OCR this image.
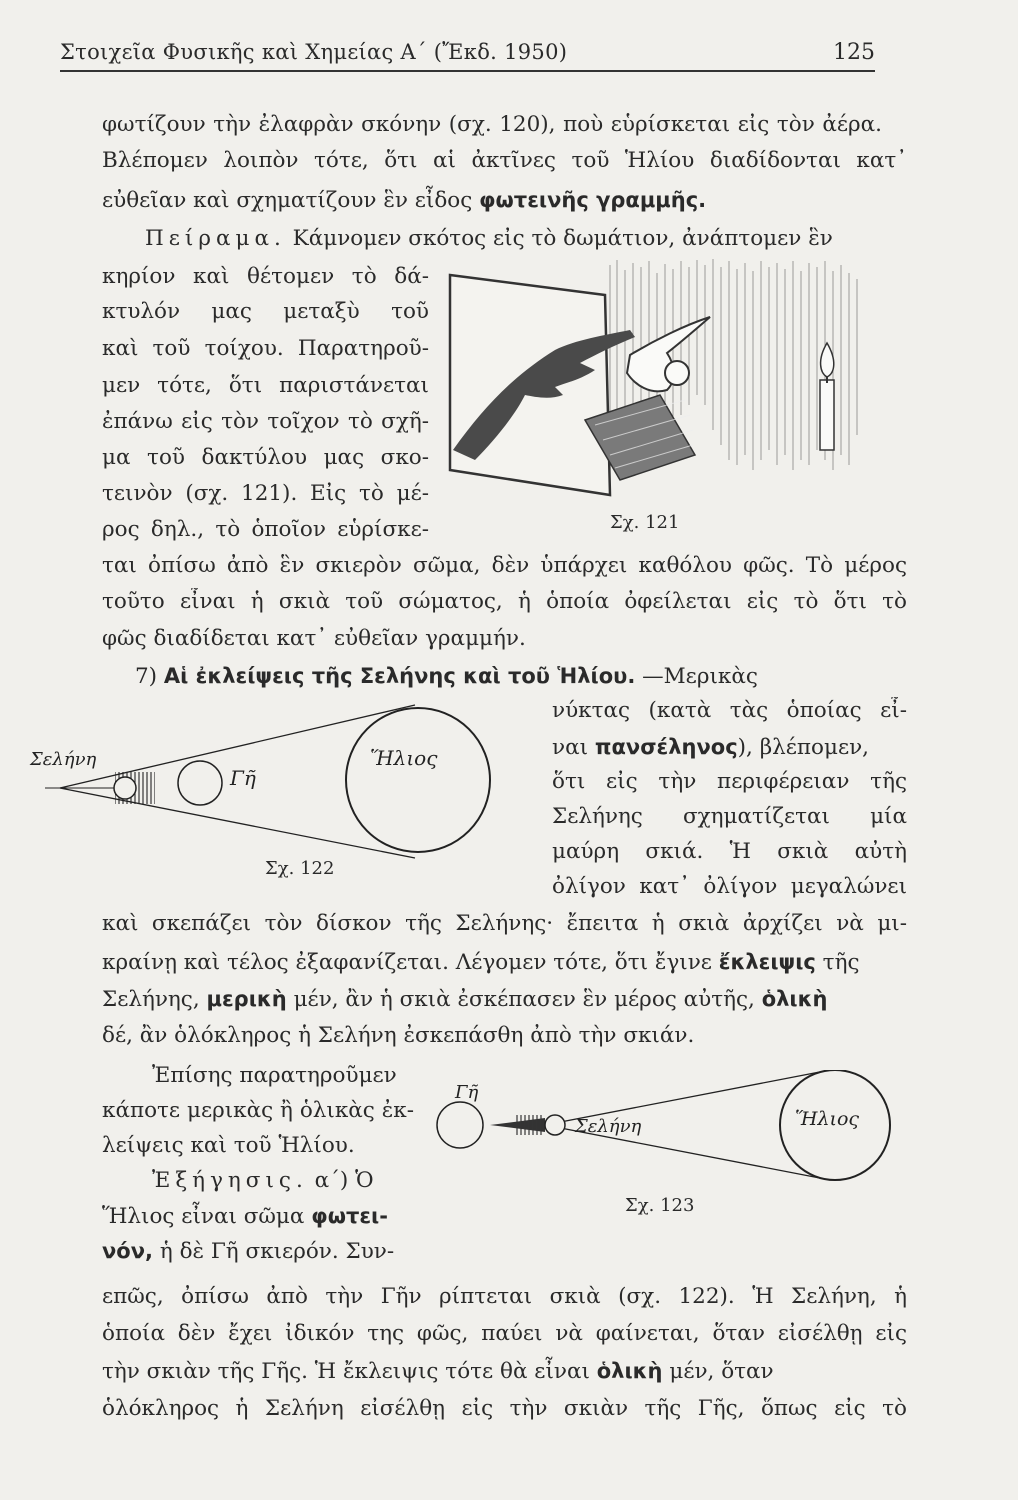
Στοιχεῖα Φυσικῆς καὶ Χημείας Α΄ (Ἔκδ. 1950)	125
φωτίζουν τὴν ἐλαφρὰν σκόνην (σχ. 120), ποὺ εὑρίσκεται εἰς τὸν ἀέρα.
Βλέπομεν λοιπὸν τότε, ὅτι αἱ ἀκτῖνες τοῦ Ἡλίου διαδίδονται κατ᾿
εὐθεῖαν καὶ σχηματίζουν ἓν εἶδος φωτεινῆς γραμμῆς.
Πείραμα. Κάμνομεν σκότος εἰς τὸ δωμάτιον, ἀνάπτομεν ἓν
κηρίον καὶ θέτομεν τὸ δά-
κτυλόν μας μεταξὺ τοῦ
καὶ τοῦ τοίχου. Παρατηροῦ-
μεν τότε, ὅτι παριστάνεται
ἐπάνω εἰς τὸν τοῖχον τὸ σχῆ-
μα τοῦ δακτύλου μας σκο-
τεινὸν (σχ. 121). Εἰς τὸ μέ-
ρος δηλ., τὸ ὁποῖον εὑρίσκε-	Σχ. 121
ται ὀπίσω ἀπὸ ἓν σκιερὸν σῶμα, δὲν ὑπάρχει καθόλου φῶς. Τὸ μέρος
τοῦτο εἶναι ἡ σκιὰ τοῦ σώματος, ἡ ὁποία ὀφείλεται εἰς τὸ ὅτι τὸ
φῶς διαδίδεται κατ᾿ εὐθεῖαν γραμμήν.
7) Αἱ ἐκλείψεις τῆς Σελήνης καὶ τοῦ Ἡλίου. —Μερικὰς
νύκτας (κατὰ τὰς ὁποίας εἶ-
ναι πανσέληνος), βλέπομεν,
ὅτι εἰς τὴν περιφέρειαν τῆς
Σελήνης σχηματίζεται μία
μαύρη σκιά. Ἡ σκιὰ αὐτὴ
ὀλίγον κατ᾿ ὀλίγον μεγαλώνει
Σελήνη
Γῆ
Ἥλιος
Σχ. 122
καὶ σκεπάζει τὸν δίσκον τῆς Σελήνης· ἔπειτα ἡ σκιὰ ἀρχίζει νὰ μι-
κραίνῃ καὶ τέλος ἐξαφανίζεται. Λέγομεν τότε, ὅτι ἔγινε ἔκλειψις τῆς
Σελήνης, μερικὴ μέν, ἂν ἡ σκιὰ ἐσκέπασεν ἓν μέρος αὐτῆς, ὁλικὴ
δέ, ἂν ὁλόκληρος ἡ Σελήνη ἐσκεπάσθη ἀπὸ τὴν σκιάν.
Ἐπίσης παρατηροῦμεν
κάποτε μερικὰς ἢ ὁλικὰς ἐκ-
λείψεις καὶ τοῦ Ἡλίου.
Ἐξήγησις. α΄) Ὁ
Ἥλιος εἶναι σῶμα φωτει-
νόν, ἡ δὲ Γῆ σκιερόν. Συν-
Γῆ
Σελήνη	Ἥλιος
Σχ. 123
επῶς, ὀπίσω ἀπὸ τὴν Γῆν ρίπτεται σκιὰ (σχ. 122). Ἡ Σελήνη, ἡ
ὁποία δὲν ἔχει ἰδικόν της φῶς, παύει νὰ φαίνεται, ὅταν εἰσέλθῃ εἰς
τὴν σκιὰν τῆς Γῆς. Ἡ ἔκλειψις τότε θὰ εἶναι ὁλικὴ μέν, ὅταν
ὁλόκληρος ἡ Σελήνη εἰσέλθῃ εἰς τὴν σκιὰν τῆς Γῆς, ὅπως εἰς τὸ
